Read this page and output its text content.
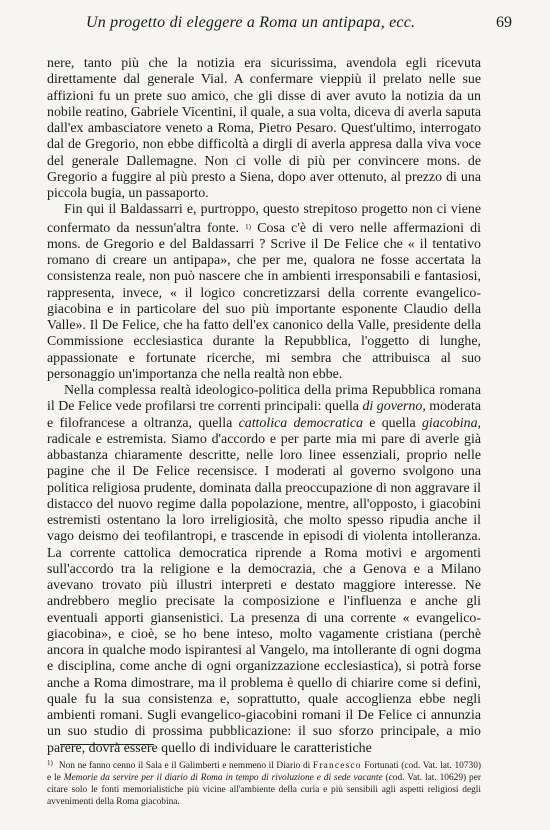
Un progetto di eleggere a Roma un antipapa, ecc.	69

nere, tanto più che la notizia era sicurissima, avendola egli ricevuta direttamente dal generale Vial. A confermare vieppiù il prelato nelle sue affizioni fu un prete suo amico, che gli disse di aver avuto la notizia da un nobile reatino, Gabriele Vicentini, il quale, a sua volta, diceva di averla saputa dall'ex ambasciatore veneto a Roma, Pietro Pesaro. Quest'ultimo, interrogato dal de Gregorio, non ebbe difficoltà a dirgli di averla appresa dalla viva voce del generale Dallemagne. Non ci volle di più per convincere mons. de Gregorio a fuggire al più presto a Siena, dopo aver ottenuto, al prezzo di una piccola bugia, un passaporto.

Fin qui il Baldassarri e, purtroppo, questo strepitoso progetto non ci viene confermato da nessun'altra fonte. $^{1)}$ Cosa c'è di vero nelle affermazioni di mons. de Gregorio e del Baldassarri ? Scrive il De Felice che « il tentativo romano di creare un antipapa», che per me, qualora ne fosse accertata la consistenza reale, non può nascere che in ambienti irresponsabili e fantasiosi, rappresenta, invece, « il logico concretizzarsi della corrente evangelico-giacobina e in particolare del suo più importante esponente Claudio della Valle». Il De Felice, che ha fatto dell'ex canonico della Valle, presidente della Commissione ecclesiastica durante la Repubblica, l'oggetto di lunghe, appassionate e fortunate ricerche, mi sembra che attribuisca al suo personaggio un'importanza che nella realtà non ebbe.

Nella complessa realtà ideologico-politica della prima Repubblica romana il De Felice vede profilarsi tre correnti principali: quella di governo, moderata e filofrancese a oltranza, quella cattolica democratica e quella giacobina, radicale e estremista. Siamo d'accordo e per parte mia mi pare di averle già abbastanza chiaramente descritte, nelle loro linee essenziali, proprio nelle pagine che il De Felice recensisce. I moderati al governo svolgono una politica religiosa prudente, dominata dalla preoccupazione di non aggravare il distacco del nuovo regime dalla popolazione, mentre, all'opposto, i giacobini estremisti ostentano la loro irreligiosità, che molto spesso ripudia anche il vago deismo dei teofilantropi, e trascende in episodi di violenta intolleranza. La corrente cattolica democratica riprende a Roma motivi e argomenti sull'accordo tra la religione e la democrazia, che a Genova e a Milano avevano trovato più illustri interpreti e destato maggiore interesse. Ne andrebbero meglio precisate la composizione e l'influenza e anche gli eventuali apporti giansenistici. La presenza di una corrente « evangelico-giacobina», e cioè, se ho bene inteso, molto vagamente cristiana (perchè ancora in qualche modo ispirantesi al Vangelo, ma intollerante di ogni dogma e disciplina, come anche di ogni organizzazione ecclesiastica), si potrà forse anche a Roma dimostrare, ma il problema è quello di chiarire come si definì, quale fu la sua consistenza e, soprattutto, quale accoglienza ebbe negli ambienti romani. Sugli evangelico-giacobini romani il De Felice ci annunzia un suo studio di prossima pubblicazione: il suo sforzo principale, a mio parere, dovrà essere quello di individuare le caratteristiche

$^{1)}$ Non ne fanno cenno il Sala e il Galimberti e nemmeno il Diario di Francesco Fortunati (cod. Vat. lat. 10730) e le Memorie da servire per il diario di Roma in tempo di rivoluzione e di sede vacante (cod. Vat. lat. 10629) per citare solo le fonti memorialistiche più vicine all'ambiente della curia e più sensibili agli aspetti religiosi degli avvenimenti della Roma giacobina.
